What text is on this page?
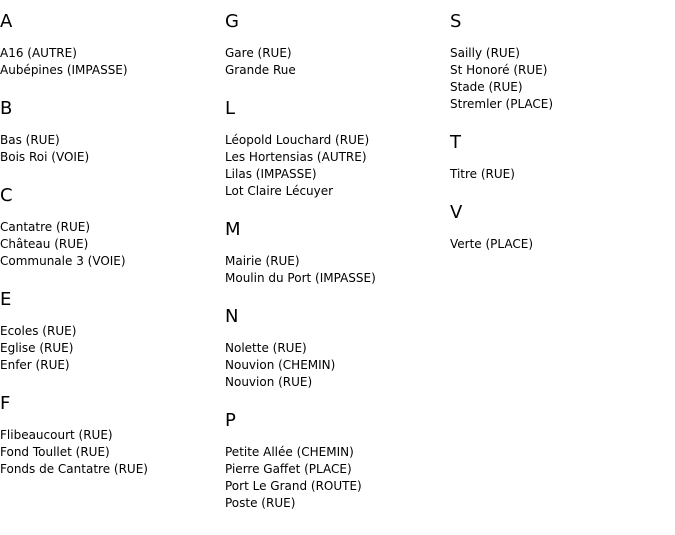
A
A16 (AUTRE)
Aubépines (IMPASSE)
B
Bas (RUE)
Bois Roi (VOIE)
C
Cantatre (RUE)
Château (RUE)
Communale 3 (VOIE)
E
Ecoles (RUE)
Eglise (RUE)
Enfer (RUE)
F
Flibeaucourt (RUE)
Fond Toullet (RUE)
Fonds de Cantatre (RUE)
G
Gare (RUE)
Grande Rue
L
Léopold Louchard (RUE)
Les Hortensias (AUTRE)
Lilas (IMPASSE)
Lot Claire Lécuyer
M
Mairie (RUE)
Moulin du Port (IMPASSE)
N
Nolette (RUE)
Nouvion (CHEMIN)
Nouvion (RUE)
P
Petite Allée (CHEMIN)
Pierre Gaffet (PLACE)
Port Le Grand (ROUTE)
Poste (RUE)
S
Sailly (RUE)
St Honoré (RUE)
Stade (RUE)
Stremler (PLACE)
T
Titre (RUE)
V
Verte (PLACE)
